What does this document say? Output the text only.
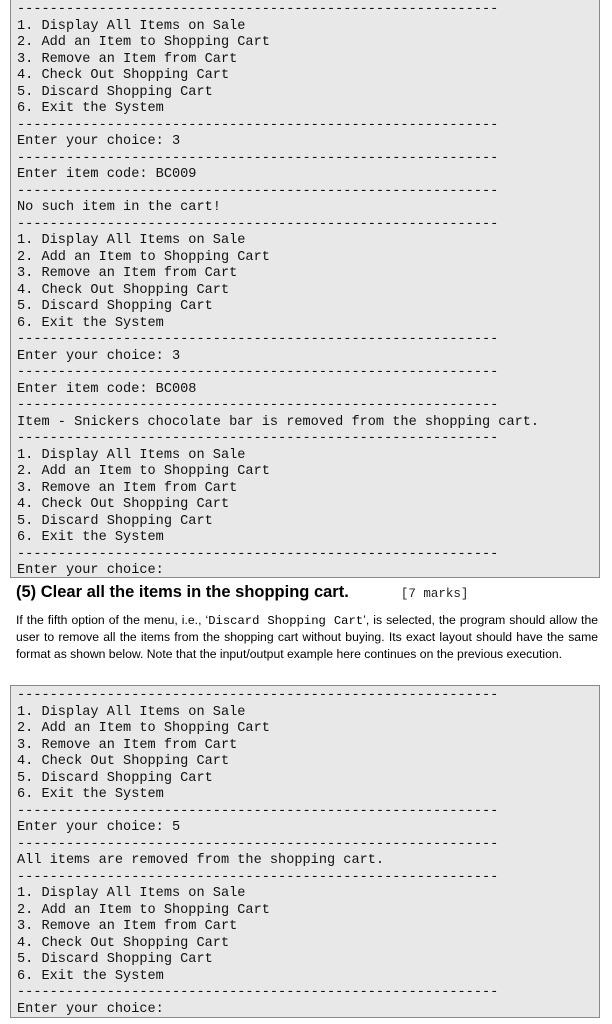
-----------------------------------------------------------
1. Display All Items on Sale
2. Add an Item to Shopping Cart
3. Remove an Item from Cart
4. Check Out Shopping Cart
5. Discard Shopping Cart
6. Exit the System
-----------------------------------------------------------
Enter your choice: 3
-----------------------------------------------------------
Enter item code: BC009
-----------------------------------------------------------
No such item in the cart!
-----------------------------------------------------------
1. Display All Items on Sale
2. Add an Item to Shopping Cart
3. Remove an Item from Cart
4. Check Out Shopping Cart
5. Discard Shopping Cart
6. Exit the System
-----------------------------------------------------------
Enter your choice: 3
-----------------------------------------------------------
Enter item code: BC008
-----------------------------------------------------------
Item - Snickers chocolate bar is removed from the shopping cart.
-----------------------------------------------------------
1. Display All Items on Sale
2. Add an Item to Shopping Cart
3. Remove an Item from Cart
4. Check Out Shopping Cart
5. Discard Shopping Cart
6. Exit the System
-----------------------------------------------------------
Enter your choice:
(5) Clear all the items in the shopping cart.	[7 marks]
If the fifth option of the menu, i.e., ‘Discard Shopping Cart’, is selected, the program should allow the user to remove all the items from the shopping cart without buying. Its exact layout should have the same format as shown below. Note that the input/output example here continues on the previous execution.
-----------------------------------------------------------
1. Display All Items on Sale
2. Add an Item to Shopping Cart
3. Remove an Item from Cart
4. Check Out Shopping Cart
5. Discard Shopping Cart
6. Exit the System
-----------------------------------------------------------
Enter your choice: 5
-----------------------------------------------------------
All items are removed from the shopping cart.
-----------------------------------------------------------
1. Display All Items on Sale
2. Add an Item to Shopping Cart
3. Remove an Item from Cart
4. Check Out Shopping Cart
5. Discard Shopping Cart
6. Exit the System
-----------------------------------------------------------
Enter your choice:
